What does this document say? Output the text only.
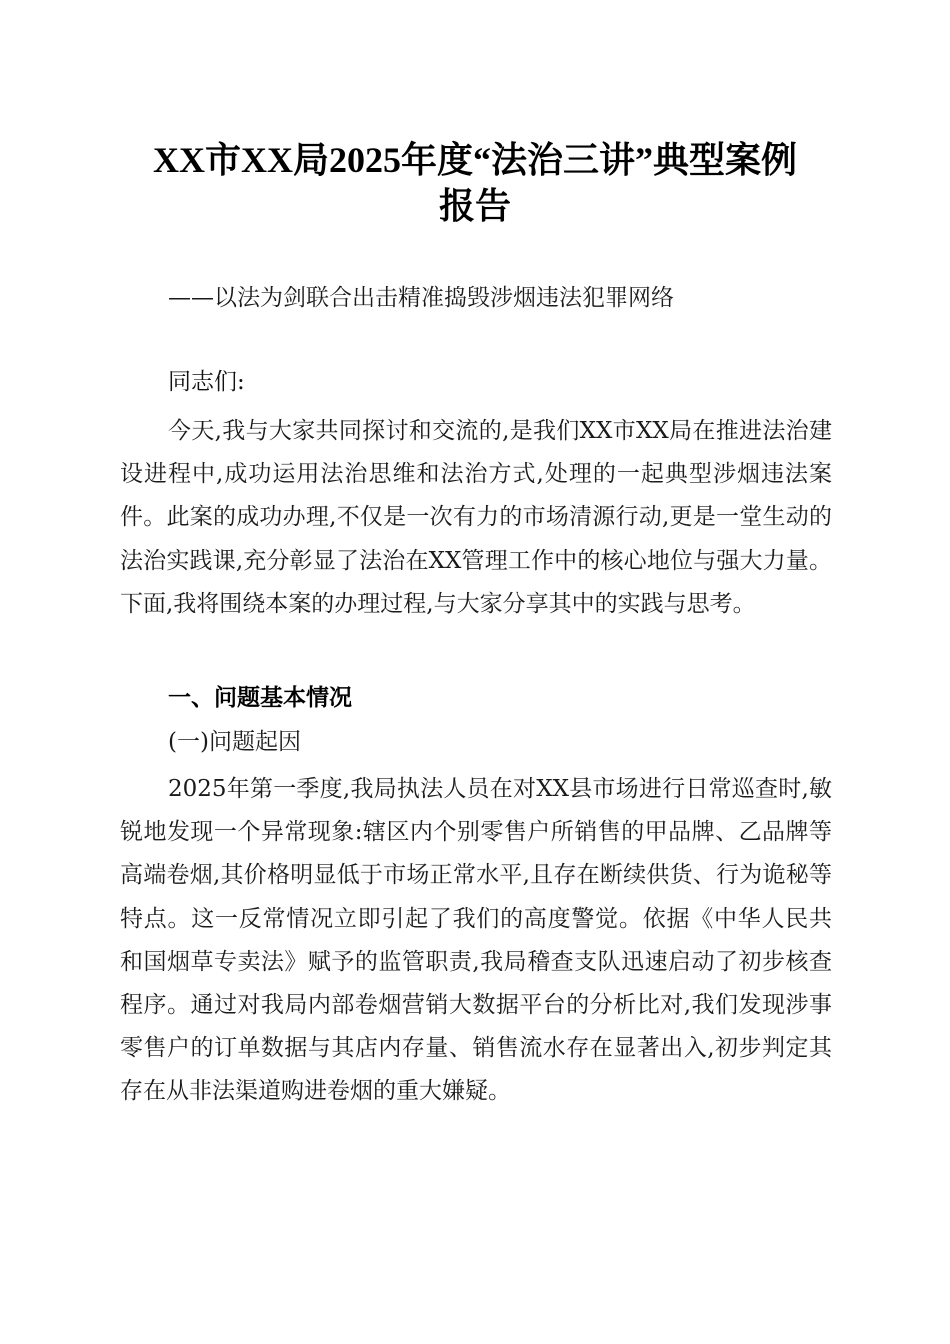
XX市XX局2025年度“法治三讲”典型案例
报告
——以法为剑联合出击精准捣毁涉烟违法犯罪网络
同志们:
今天,我与大家共同探讨和交流的,是我们XX市XX局在推进法治建设进程中,成功运用法治思维和法治方式,处理的一起典型涉烟违法案件。此案的成功办理,不仅是一次有力的市场清源行动,更是一堂生动的法治实践课,充分彰显了法治在XX管理工作中的核心地位与强大力量。下面,我将围绕本案的办理过程,与大家分享其中的实践与思考。
一、问题基本情况
(一)问题起因
2025年第一季度,我局执法人员在对XX县市场进行日常巡查时,敏锐地发现一个异常现象:辖区内个别零售户所销售的甲品牌、乙品牌等高端卷烟,其价格明显低于市场正常水平,且存在断续供货、行为诡秘等特点。这一反常情况立即引起了我们的高度警觉。依据《中华人民共和国烟草专卖法》赋予的监管职责,我局稽查支队迅速启动了初步核查程序。通过对我局内部卷烟营销大数据平台的分析比对,我们发现涉事零售户的订单数据与其店内存量、销售流水存在显著出入,初步判定其存在从非法渠道购进卷烟的重大嫌疑。
